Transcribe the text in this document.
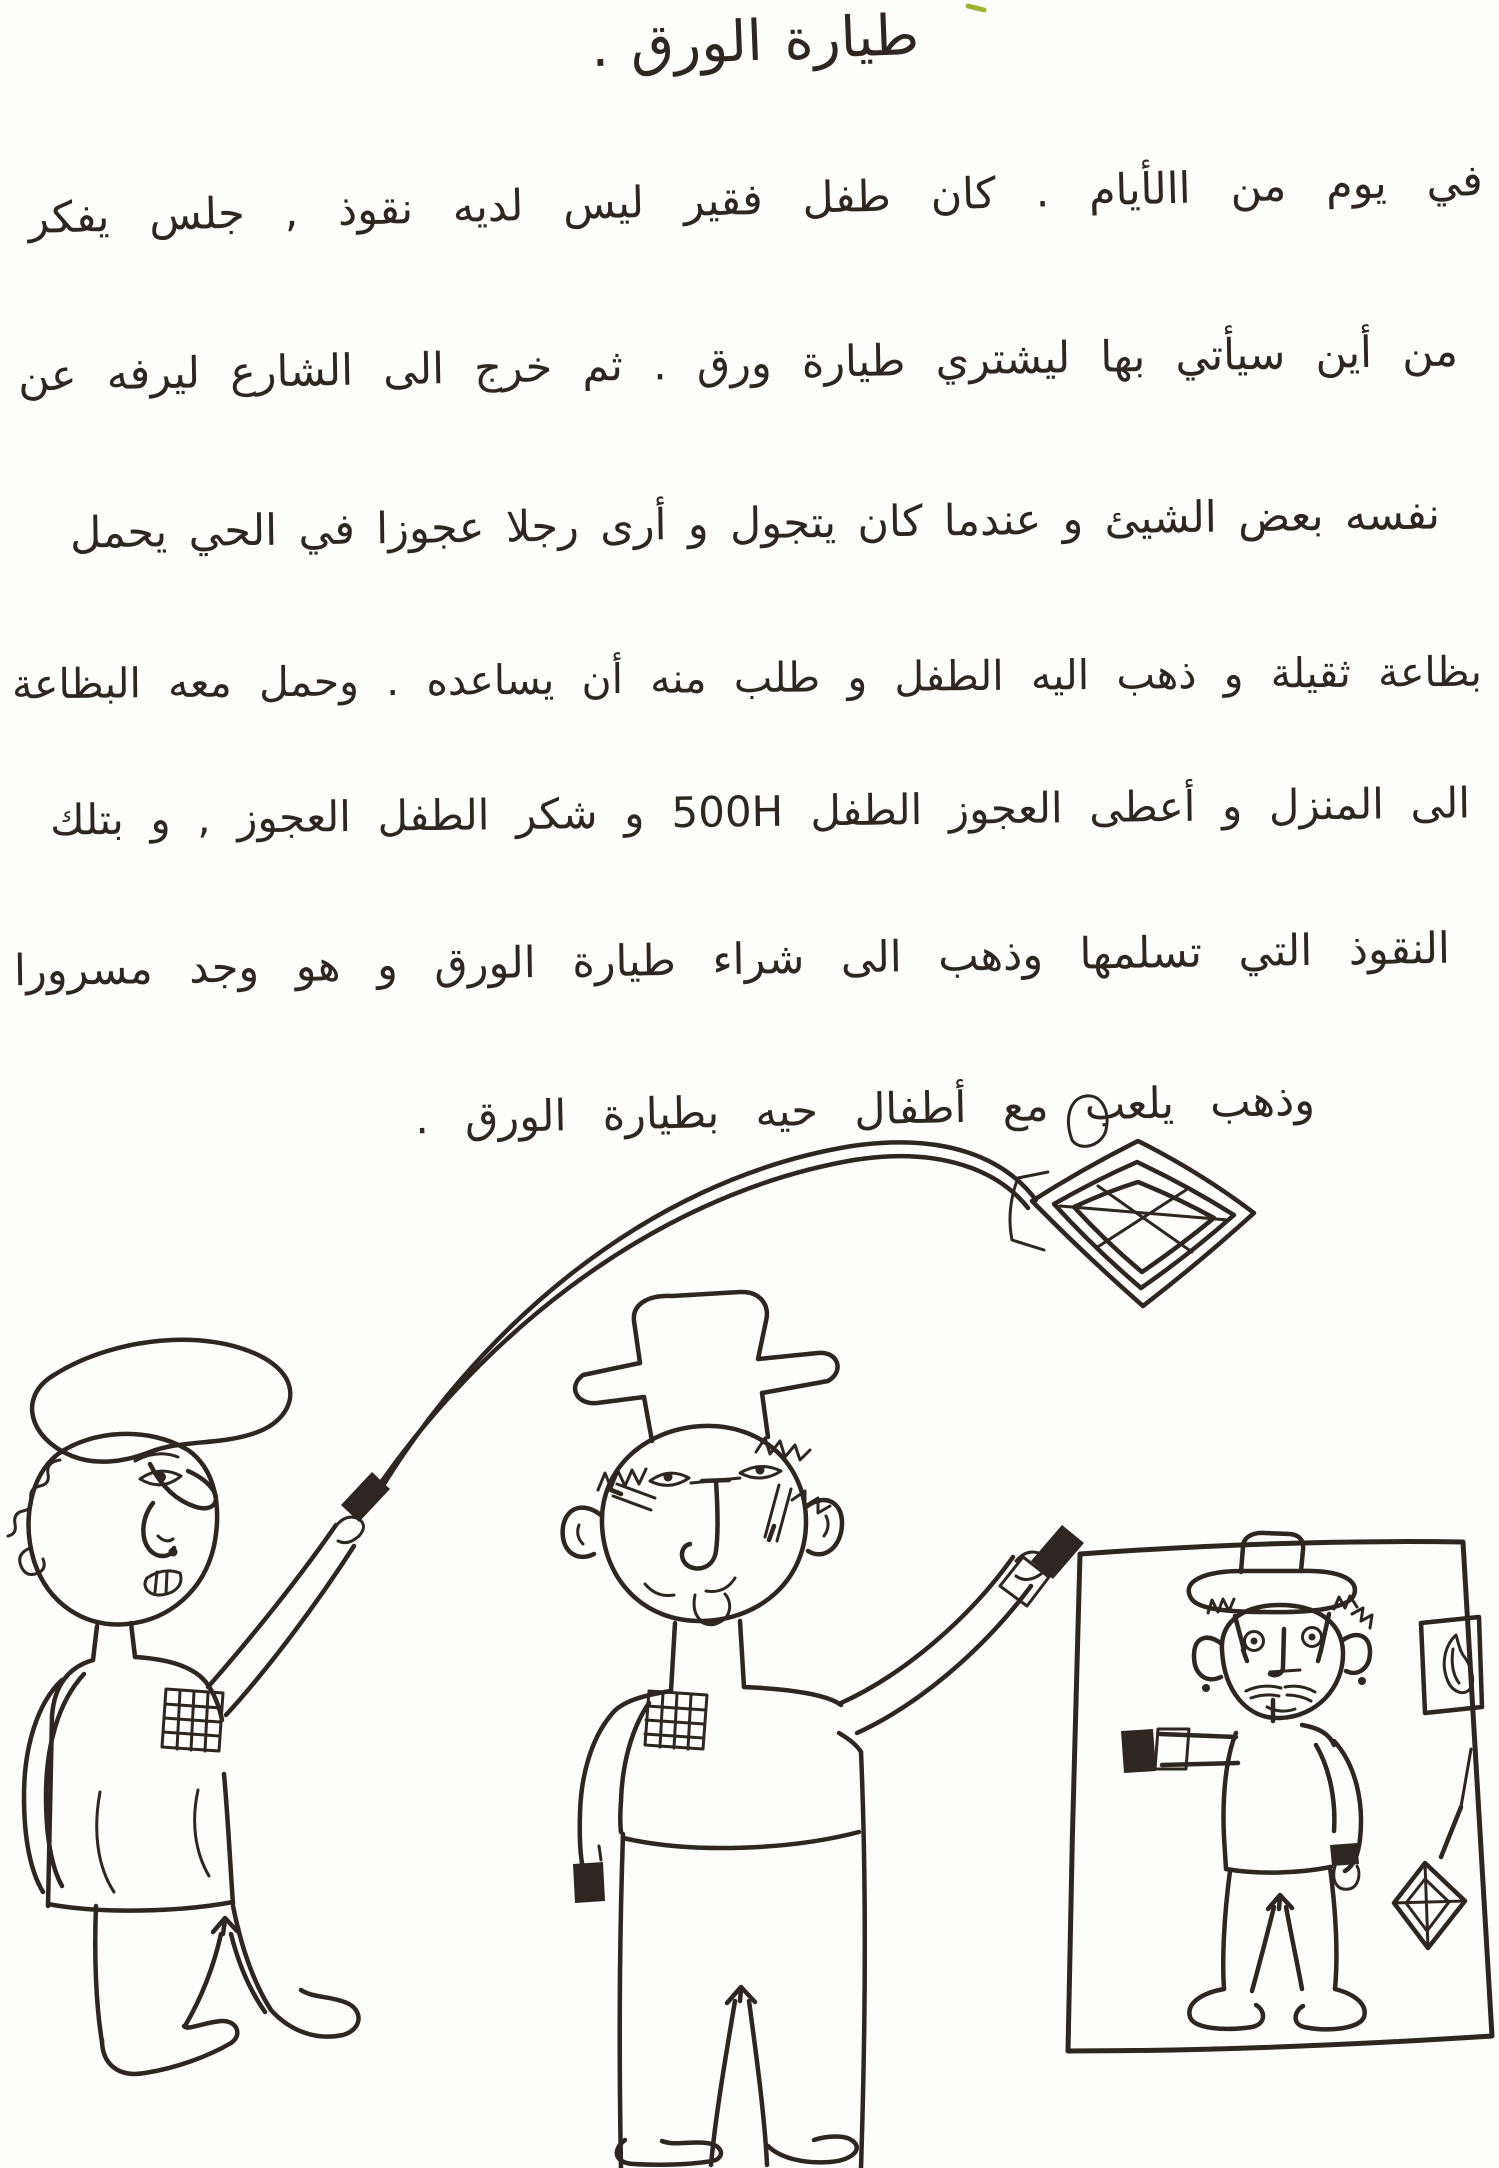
طيارة الورق .
في يوم من االأيام . كان طفل فقير ليس لديه نقوذ , جلس يفكر
من أين سيأتي بها ليشتري طيارة ورق . ثم خرج الى الشارع ليرفه عن
نفسه بعض الشيئ و عندما كان يتجول و أرى رجلا عجوزا في الحي يحمل
بظاعة ثقيلة و ذهب اليه الطفل و طلب منه أن يساعده . وحمل معه البظاعة
الى المنزل و أعطى العجوز الطفل 500H و شكر الطفل العجوز , و بتلك
النقوذ التي تسلمها وذهب الى شراء طيارة الورق و هو وجد مسرورا
وذهب يلعب مع أطفال حيه بطيارة الورق .
